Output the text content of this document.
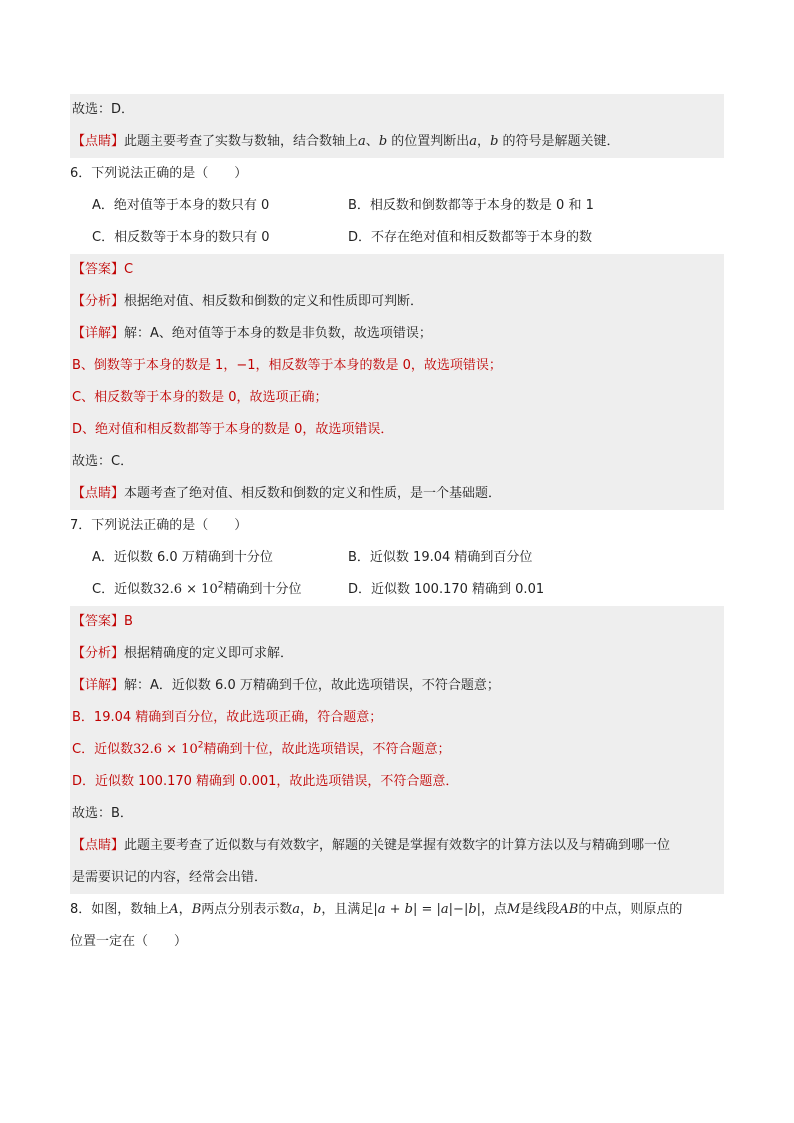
故选：D．
【点睛】此题主要考查了实数与数轴，结合数轴上a、b 的位置判断出a，b 的符号是解题关键．
6．下列说法正确的是（　　）
A．绝对值等于本身的数只有 0	B．相反数和倒数都等于本身的数是 0 和 1
C．相反数等于本身的数只有 0	D．不存在绝对值和相反数都等于本身的数
【答案】C
【分析】根据绝对值、相反数和倒数的定义和性质即可判断．
【详解】解：A、绝对值等于本身的数是非负数，故选项错误；
B、倒数等于本身的数是 1，−1，相反数等于本身的数是 0，故选项错误；
C、相反数等于本身的数是 0，故选项正确；
D、绝对值和相反数都等于本身的数是 0，故选项错误．
故选：C．
【点睛】本题考查了绝对值、相反数和倒数的定义和性质，是一个基础题．
7．下列说法正确的是（　　）
A．近似数 6.0 万精确到十分位	B．近似数 19.04 精确到百分位
C．近似数$32.6 \times 10^2$精确到十分位	D．近似数 100.170 精确到 0.01
【答案】B
【分析】根据精确度的定义即可求解．
【详解】解：A．近似数 6.0 万精确到千位，故此选项错误，不符合题意；
B．19.04 精确到百分位，故此选项正确，符合题意；
C．近似数$32.6 \times 10^2$精确到十位，故此选项错误，不符合题意；
D．近似数 100.170 精确到 0.001，故此选项错误，不符合题意．
故选：B．
【点睛】此题主要考查了近似数与有效数字，解题的关键是掌握有效数字的计算方法以及与精确到哪一位
是需要识记的内容，经常会出错．
8．如图，数轴上A，B两点分别表示数a，b，且满足|a + b| = |a|−|b|，点M是线段AB的中点，则原点的
位置一定在（　　）
